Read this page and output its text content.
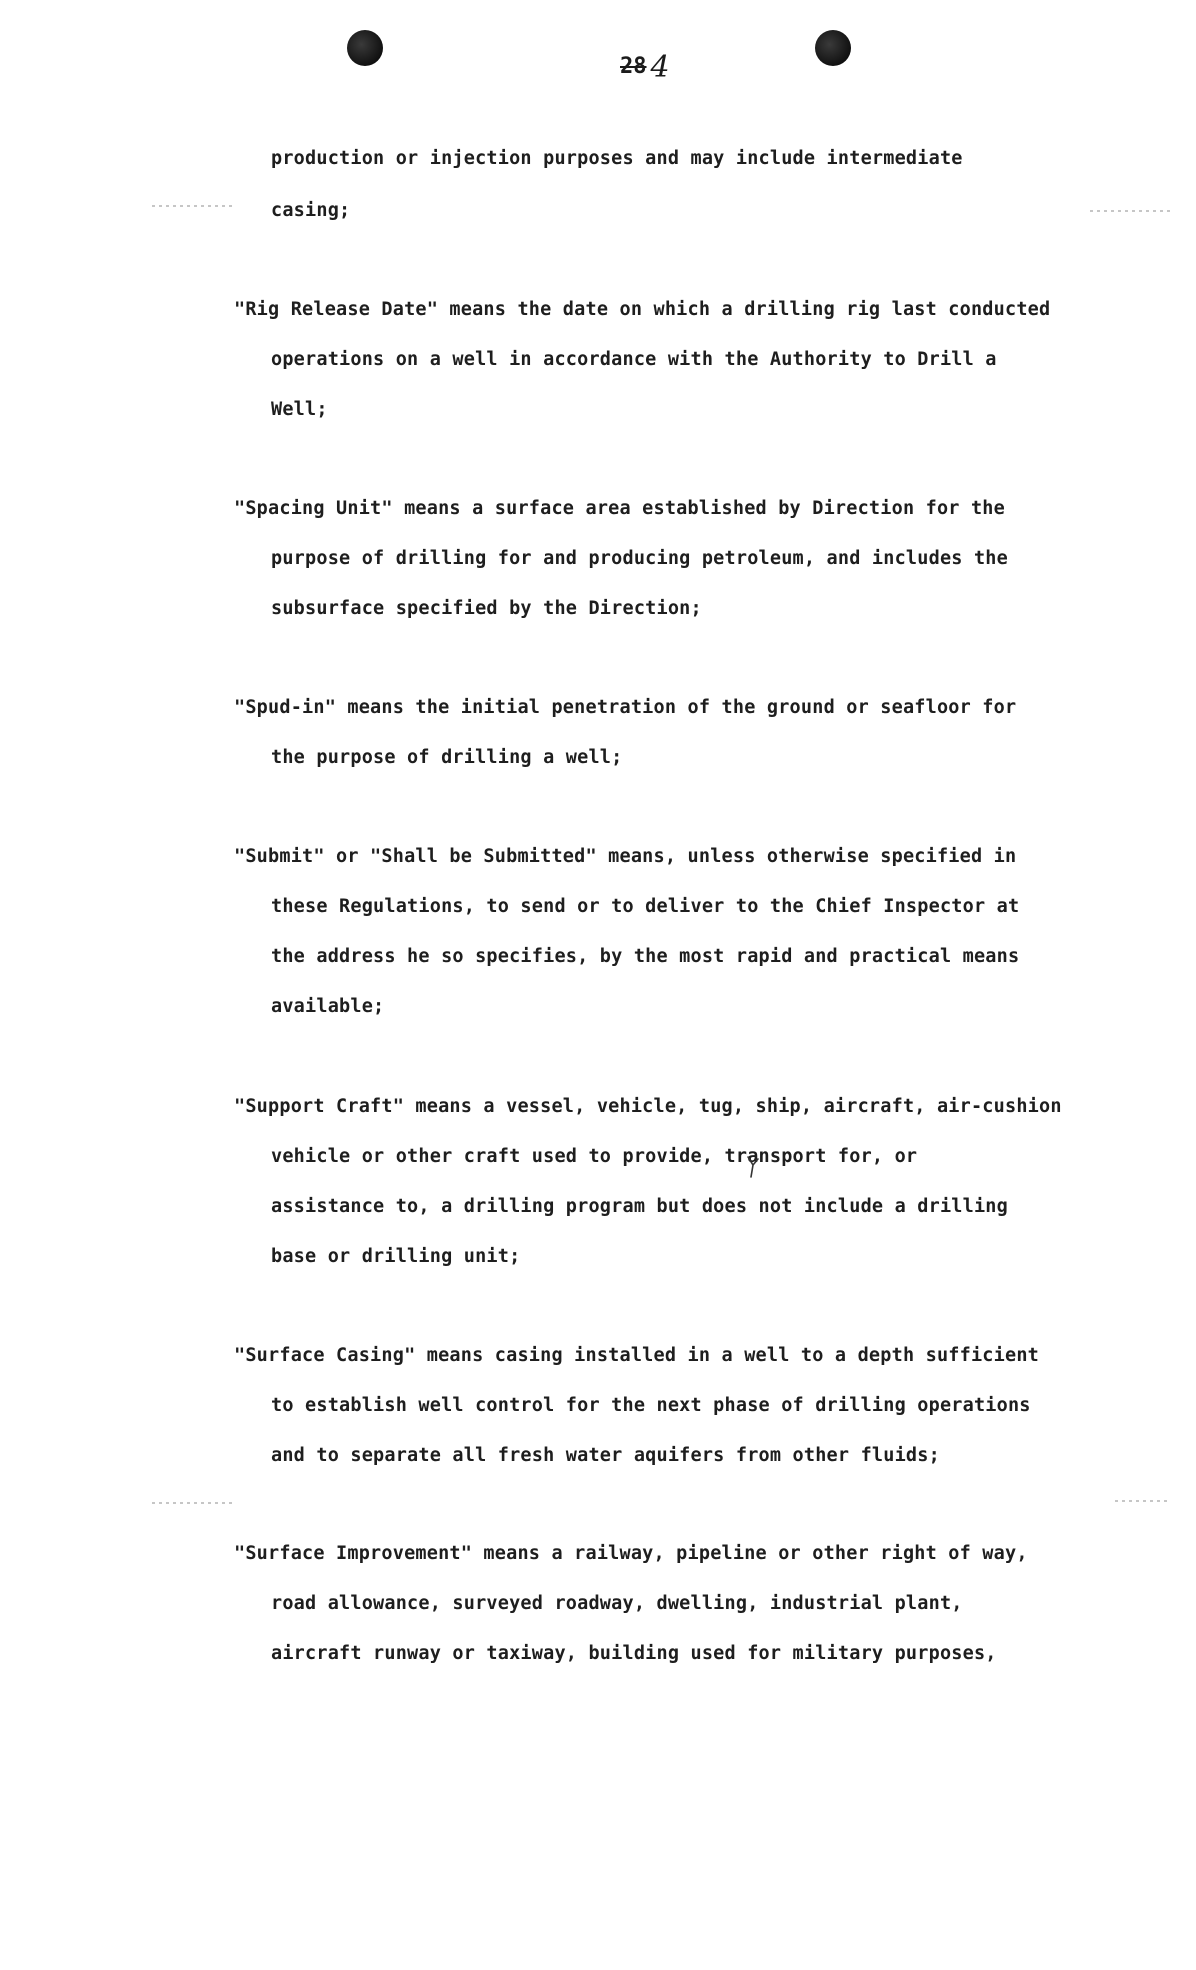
28 4
production or injection purposes and may include intermediate
casing;
"Rig Release Date" means the date on which a drilling rig last conducted
operations on a well in accordance with the Authority to Drill a
Well;
"Spacing Unit" means a surface area established by Direction for the
purpose of drilling for and producing petroleum, and includes the
subsurface specified by the Direction;
"Spud-in" means the initial penetration of the ground or seafloor for
the purpose of drilling a well;
"Submit" or "Shall be Submitted" means, unless otherwise specified in
these Regulations, to send or to deliver to the Chief Inspector at
the address he so specifies, by the most rapid and practical means
available;
"Support Craft" means a vessel, vehicle, tug, ship, aircraft, air-cushion
vehicle or other craft used to provide, transport for, or
assistance to, a drilling program but does not include a drilling
base or drilling unit;
"Surface Casing" means casing installed in a well to a depth sufficient
to establish well control for the next phase of drilling operations
and to separate all fresh water aquifers from other fluids;
"Surface Improvement" means a railway, pipeline or other right of way,
road allowance, surveyed roadway, dwelling, industrial plant,
aircraft runway or taxiway, building used for military purposes,
